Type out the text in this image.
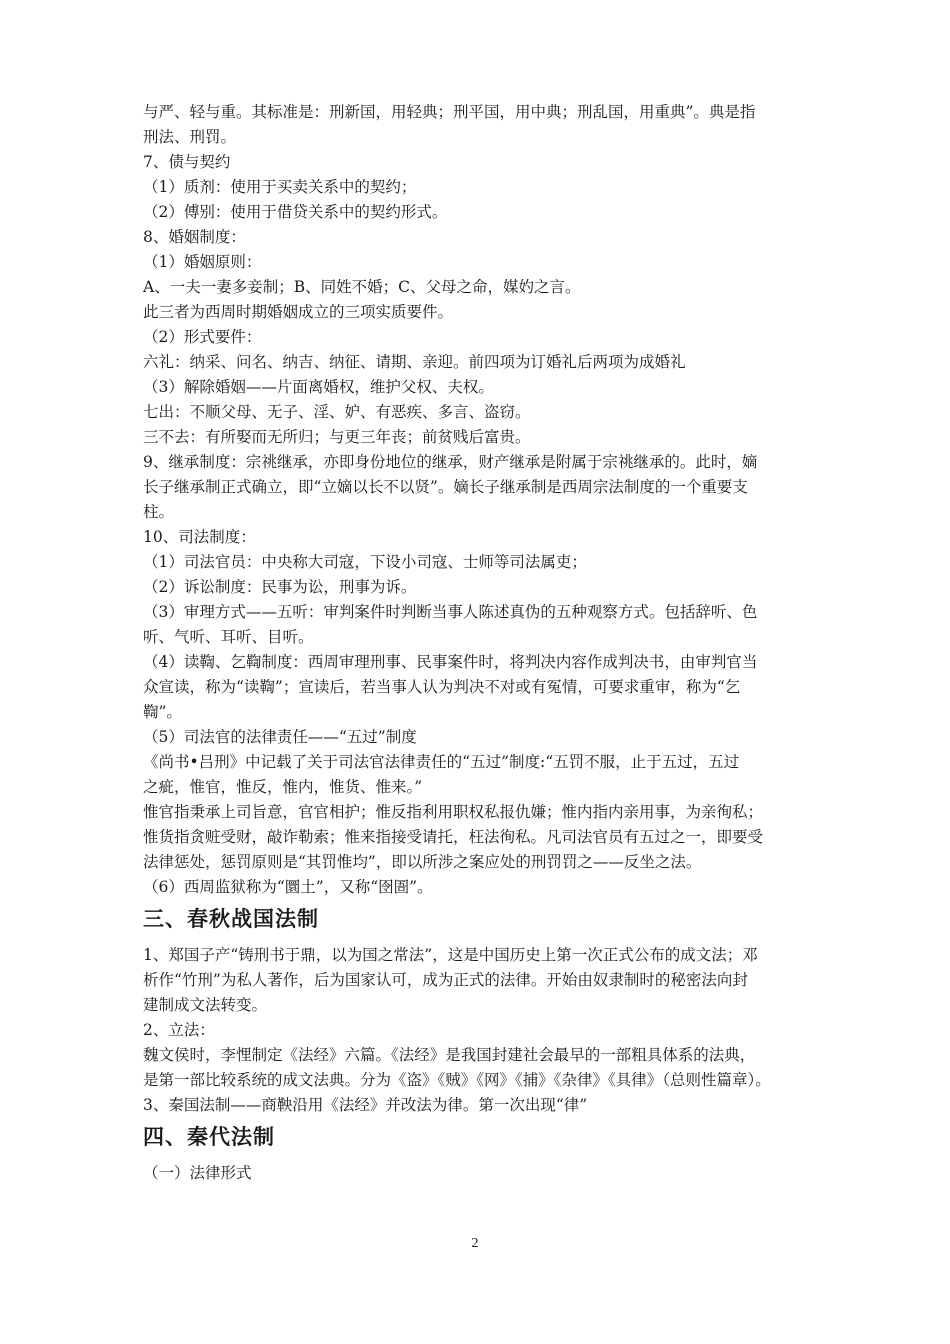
与严、轻与重。其标准是：刑新国，用轻典；刑平国，用中典；刑乱国，用重典”。典是指
刑法、刑罚。
7、债与契约
（1）质剂：使用于买卖关系中的契约；
（2）傅别：使用于借贷关系中的契约形式。
8、婚姻制度：
（1）婚姻原则：
A、一夫一妻多妾制；B、同姓不婚；C、父母之命，媒妁之言。
此三者为西周时期婚姻成立的三项实质要件。
（2）形式要件：
六礼：纳采、问名、纳吉、纳征、请期、亲迎。前四项为订婚礼后两项为成婚礼
（3）解除婚姻——片面离婚权，维护父权、夫权。
七出：不顺父母、无子、淫、妒、有恶疾、多言、盗窃。
三不去：有所娶而无所归；与更三年丧；前贫贱后富贵。
9、继承制度：宗祧继承，亦即身份地位的继承，财产继承是附属于宗祧继承的。此时，嫡
长子继承制正式确立，即“立嫡以长不以贤”。嫡长子继承制是西周宗法制度的一个重要支
柱。
10、司法制度：
（1）司法官员：中央称大司寇，下设小司寇、士师等司法属吏；
（2）诉讼制度：民事为讼，刑事为诉。
（3）审理方式——五听：审判案件时判断当事人陈述真伪的五种观察方式。包括辞听、色
听、气听、耳听、目听。
（4）读鞫、乞鞫制度：西周审理刑事、民事案件时，将判决内容作成判决书，由审判官当
众宣读，称为“读鞫”；宣读后，若当事人认为判决不对或有冤情，可要求重审，称为“乞
鞫”。
（5）司法官的法律责任——“五过”制度
《尚书•吕刑》中记载了关于司法官法律责任的“五过”制度:“五罚不服，止于五过，五过
之疵，惟官，惟反，惟内，惟货、惟来。”
惟官指秉承上司旨意，官官相护；惟反指利用职权私报仇嫌；惟内指内亲用事，为亲徇私；
惟货指贪赃受财，敲诈勒索；惟来指接受请托，枉法徇私。凡司法官员有五过之一，即要受
法律惩处，惩罚原则是“其罚惟均”，即以所涉之案应处的刑罚罚之——反坐之法。
（6）西周监狱称为“圜土”，又称“囹圄”。
三、春秋战国法制
1、郑国子产“铸刑书于鼎，以为国之常法”，这是中国历史上第一次正式公布的成文法；邓
析作“竹刑”为私人著作，后为国家认可，成为正式的法律。开始由奴隶制时的秘密法向封
建制成文法转变。
2、立法：
魏文侯时，李悝制定《法经》六篇。《法经》是我国封建社会最早的一部粗具体系的法典，
是第一部比较系统的成文法典。分为《盗》《贼》《网》《捕》《杂律》《具律》（总则性篇章）。
3、秦国法制——商鞅沿用《法经》并改法为律。第一次出现“律”
四、秦代法制
（一）法律形式
2
